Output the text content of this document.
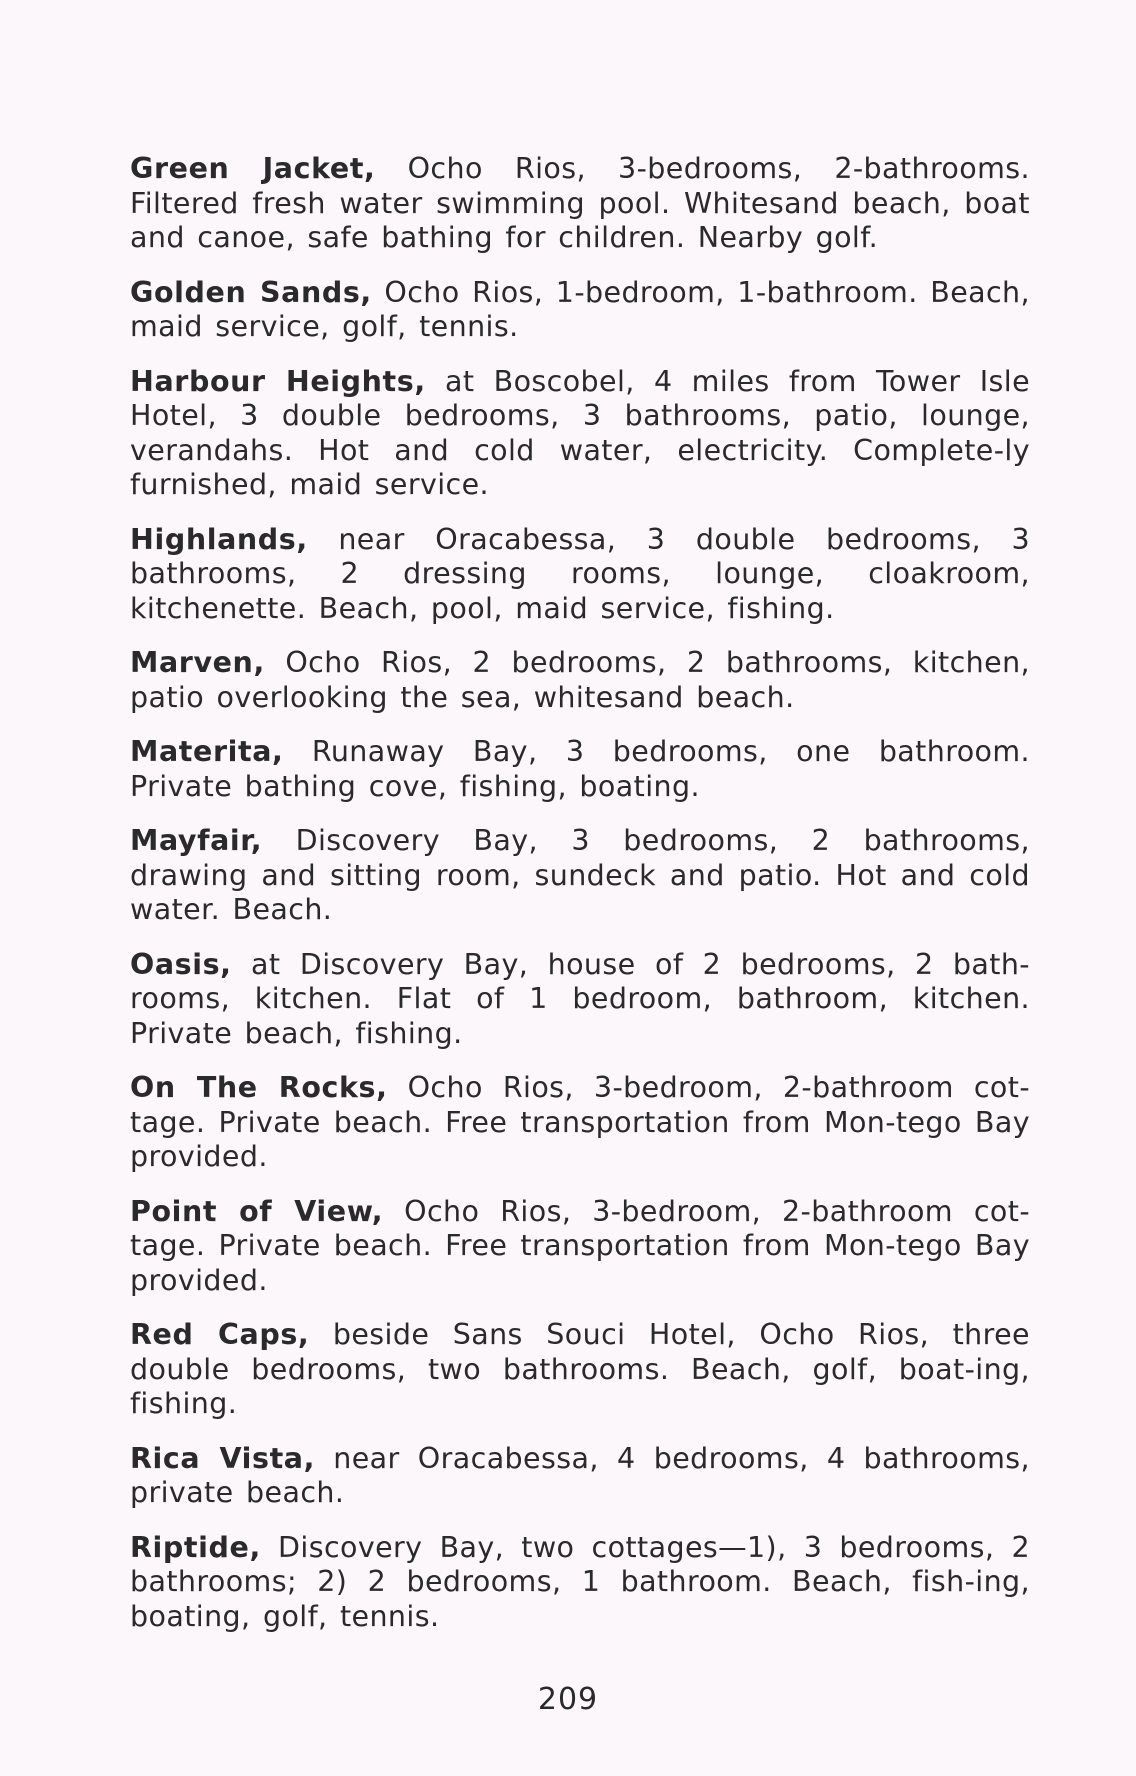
Green Jacket, Ocho Rios, 3-bedrooms, 2-bathrooms. Filtered fresh water swimming pool. Whitesand beach, boat and canoe, safe bathing for children. Nearby golf.

Golden Sands, Ocho Rios, 1-bedroom, 1-bathroom. Beach, maid service, golf, tennis.

Harbour Heights, at Boscobel, 4 miles from Tower Isle Hotel, 3 double bedrooms, 3 bathrooms, patio, lounge, verandahs. Hot and cold water, electricity. Complete-ly furnished, maid service.

Highlands, near Oracabessa, 3 double bedrooms, 3 bathrooms, 2 dressing rooms, lounge, cloakroom, kitchenette. Beach, pool, maid service, fishing.

Marven, Ocho Rios, 2 bedrooms, 2 bathrooms, kitchen, patio overlooking the sea, whitesand beach.

Materita, Runaway Bay, 3 bedrooms, one bathroom. Private bathing cove, fishing, boating.

Mayfair, Discovery Bay, 3 bedrooms, 2 bathrooms, drawing and sitting room, sundeck and patio. Hot and cold water. Beach.

Oasis, at Discovery Bay, house of 2 bedrooms, 2 bath-rooms, kitchen. Flat of 1 bedroom, bathroom, kitchen. Private beach, fishing.

On The Rocks, Ocho Rios, 3-bedroom, 2-bathroom cot-tage. Private beach. Free transportation from Mon-tego Bay provided.

Point of View, Ocho Rios, 3-bedroom, 2-bathroom cot-tage. Private beach. Free transportation from Mon-tego Bay provided.

Red Caps, beside Sans Souci Hotel, Ocho Rios, three double bedrooms, two bathrooms. Beach, golf, boat-ing, fishing.

Rica Vista, near Oracabessa, 4 bedrooms, 4 bathrooms, private beach.

Riptide, Discovery Bay, two cottages—1), 3 bedrooms, 2 bathrooms; 2) 2 bedrooms, 1 bathroom. Beach, fish-ing, boating, golf, tennis.

209
